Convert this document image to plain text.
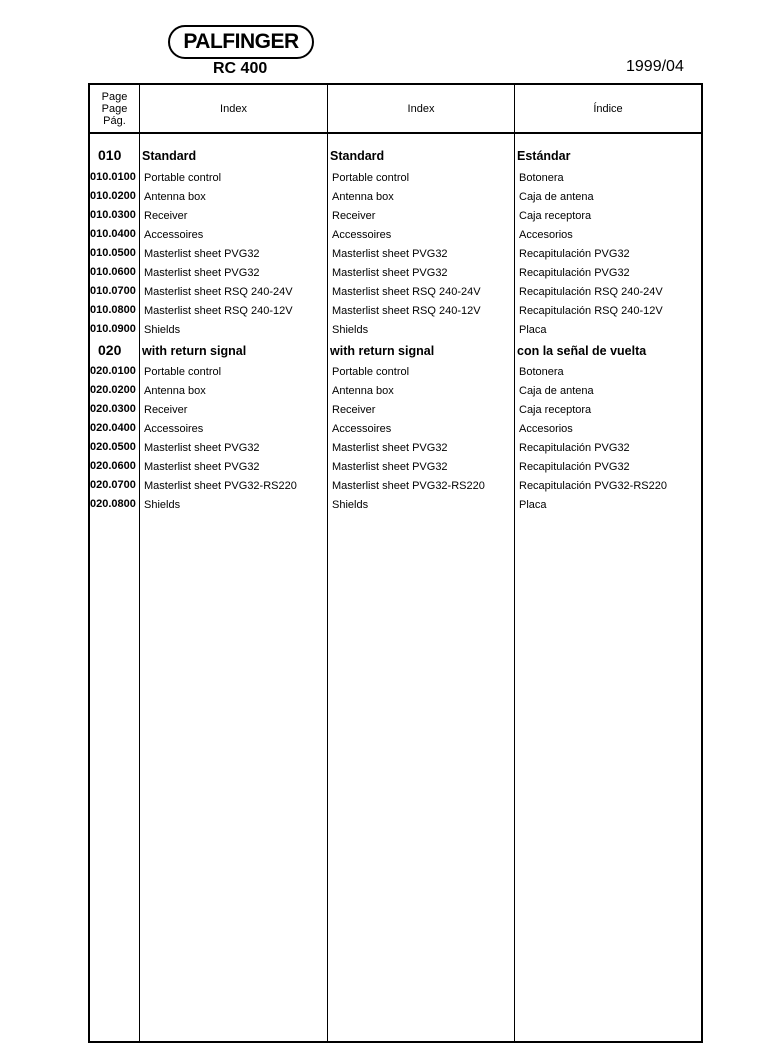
PALFINGER
RC 400	1999/04
Page
Page
Pág.
Index	Index	Índice
010 Standard	Standard	Estándar
010.0100 Portable control	Portable control	Botonera
010.0200 Antenna box	Antenna box	Caja de antena
010.0300 Receiver	Receiver	Caja receptora
010.0400 Accessoires	Accessoires	Accesorios
010.0500 Masterlist sheet PVG32	Masterlist sheet PVG32	Recapitulación PVG32
010.0600 Masterlist sheet PVG32	Masterlist sheet PVG32	Recapitulación PVG32
010.0700 Masterlist sheet RSQ 240-24V	Masterlist sheet RSQ 240-24V	Recapitulación RSQ 240-24V
010.0800 Masterlist sheet RSQ 240-12V	Masterlist sheet RSQ 240-12V	Recapitulación RSQ 240-12V
010.0900 Shields	Shields	Placa
020 with return signal	with return signal	con la señal de vuelta
020.0100 Portable control	Portable control	Botonera
020.0200 Antenna box	Antenna box	Caja de antena
020.0300 Receiver	Receiver	Caja receptora
020.0400 Accessoires	Accessoires	Accesorios
020.0500 Masterlist sheet PVG32	Masterlist sheet PVG32	Recapitulación PVG32
020.0600 Masterlist sheet PVG32	Masterlist sheet PVG32	Recapitulación PVG32
020.0700 Masterlist sheet PVG32-RS220	Masterlist sheet PVG32-RS220	Recapitulación PVG32-RS220
020.0800 Shields	Shields	Placa
